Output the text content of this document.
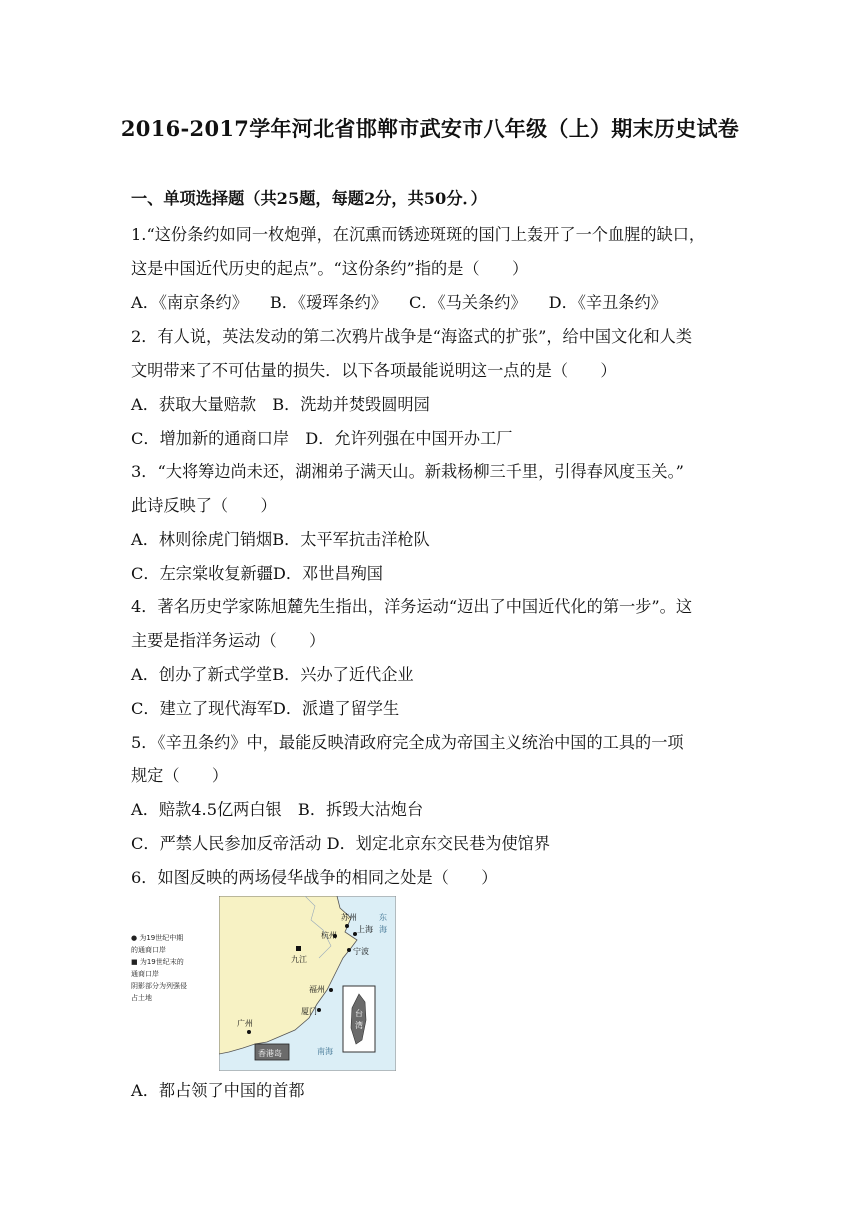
2016-2017学年河北省邯郸市武安市八年级（上）期末历史试卷
一、单项选择题（共25题，每题2分，共50分．）
1.“这份条约如同一枚炮弹，在沉熏而锈迹斑斑的国门上轰开了一个血腥的缺口，
这是中国近代历史的起点”。“这份条约”指的是（　　）
A．《南京条约》 B．《瑷珲条约》 C．《马关条约》 D．《辛丑条约》
2．有人说，英法发动的第二次鸦片战争是“海盗式的扩张”，给中国文化和人类
文明带来了不可估量的损失．以下各项最能说明这一点的是（　　）
A．获取大量赔款　B．洗劫并焚毁圆明园
C．增加新的通商口岸　D．允许列强在中国开办工厂
3．“大将筹边尚未还，湖湘弟子满天山。新栽杨柳三千里，引得春风度玉关。”
此诗反映了（　　）
A．林则徐虎门销烟B．太平军抗击洋枪队
C．左宗棠收复新疆D．邓世昌殉国
4．著名历史学家陈旭麓先生指出，洋务运动“迈出了中国近代化的第一步”。这
主要是指洋务运动（　　）
A．创办了新式学堂B．兴办了近代企业
C．建立了现代海军D．派遣了留学生
5．《辛丑条约》中，最能反映清政府完全成为帝国主义统治中国的工具的一项
规定（　　）
A．赔款4.5亿两白银　B．拆毁大沽炮台
C．严禁人民参加反帝活动 D．划定北京东交民巷为使馆界
6．如图反映的两场侵华战争的相同之处是（　　）
● 为19世纪中期
的通商口岸
■ 为19世纪末的
通商口岸
阴影部分为列强侵
占土地
苏州
杭州
上海
宁波
九江
福州
厦门
广州
香港岛
台
湾
南海
东
海
A．都占领了中国的首都
